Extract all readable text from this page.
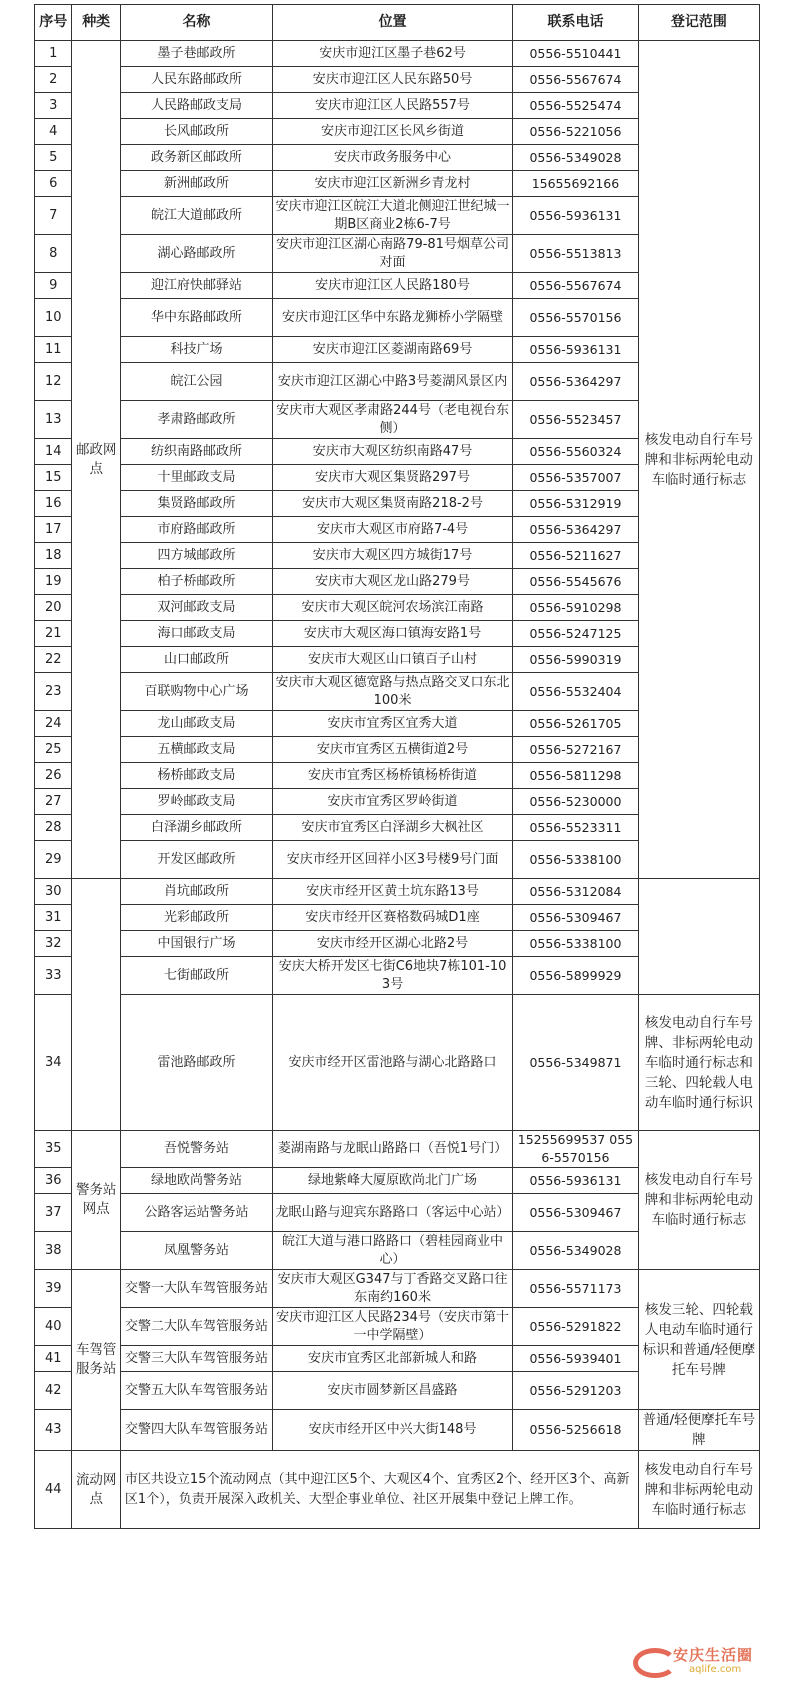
序号	种类	名称	位置	联系电话	登记范围
1	邮政网点	墨子巷邮政所	安庆市迎江区墨子巷62号	0556-5510441	核发电动自行车号牌和非标两轮电动车临时通行标志
2		人民东路邮政所	安庆市迎江区人民东路50号	0556-5567674	
3		人民路邮政支局	安庆市迎江区人民路557号	0556-5525474	
4		长风邮政所	安庆市迎江区长风乡街道	0556-5221056	
5		政务新区邮政所	安庆市政务服务中心	0556-5349028	
6		新洲邮政所	安庆市迎江区新洲乡青龙村	15655692166	
7		皖江大道邮政所	安庆市迎江区皖江大道北侧迎江世纪城一期B区商业2栋6-7号	0556-5936131	
8		湖心路邮政所	安庆市迎江区湖心南路79-81号烟草公司对面	0556-5513813	
9		迎江府快邮驿站	安庆市迎江区人民路180号	0556-5567674	
10		华中东路邮政所	安庆市迎江区华中东路龙狮桥小学隔壁	0556-5570156	
11		科技广场	安庆市迎江区菱湖南路69号	0556-5936131	
12		皖江公园	安庆市迎江区湖心中路3号菱湖风景区内	0556-5364297	
13		孝肃路邮政所	安庆市大观区孝肃路244号（老电视台东侧）	0556-5523457	
14		纺织南路邮政所	安庆市大观区纺织南路47号	0556-5560324	
15		十里邮政支局	安庆市大观区集贤路297号	0556-5357007	
16		集贤路邮政所	安庆市大观区集贤南路218-2号	0556-5312919	
17		市府路邮政所	安庆市大观区市府路7-4号	0556-5364297	
18		四方城邮政所	安庆市大观区四方城街17号	0556-5211627	
19		柏子桥邮政所	安庆市大观区龙山路279号	0556-5545676	
20		双河邮政支局	安庆市大观区皖河农场滨江南路	0556-5910298	
21		海口邮政支局	安庆市大观区海口镇海安路1号	0556-5247125	
22		山口邮政所	安庆市大观区山口镇百子山村	0556-5990319	
23		百联购物中心广场	安庆市大观区德宽路与热点路交叉口东北100米	0556-5532404	
24		龙山邮政支局	安庆市宜秀区宜秀大道	0556-5261705	
25		五横邮政支局	安庆市宜秀区五横街道2号	0556-5272167	
26		杨桥邮政支局	安庆市宜秀区杨桥镇杨桥街道	0556-5811298	
27		罗岭邮政支局	安庆市宜秀区罗岭街道	0556-5230000	
28		白泽湖乡邮政所	安庆市宜秀区白泽湖乡大枫社区	0556-5523311	
29		开发区邮政所	安庆市经开区回祥小区3号楼9号门面	0556-5338100	
30		肖坑邮政所	安庆市经开区黄土坑东路13号	0556-5312084	
31		光彩邮政所	安庆市经开区赛格数码城D1座	0556-5309467	
32		中国银行广场	安庆市经开区湖心北路2号	0556-5338100	
33		七街邮政所	安庆大桥开发区七街C6地块7栋101-103号	0556-5899929	
34		雷池路邮政所	安庆市经开区雷池路与湖心北路路口	0556-5349871	核发电动自行车号牌、非标两轮电动车临时通行标志和三轮、四轮载人电动车临时通行标识
35	警务站网点	吾悦警务站	菱湖南路与龙眠山路路口（吾悦1号门）	15255699537 0556-5570156	核发电动自行车号牌和非标两轮电动车临时通行标志
36		绿地欧尚警务站	绿地紫峰大厦原欧尚北门广场	0556-5936131	
37		公路客运站警务站	龙眠山路与迎宾东路路口（客运中心站）	0556-5309467	
38		凤凰警务站	皖江大道与港口路路口（碧桂园商业中心）	0556-5349028	
39	车驾管服务站	交警一大队车驾管服务站	安庆市大观区G347与丁香路交叉路口往东南约160米	0556-5571173	核发三轮、四轮载人电动车临时通行标识和普通/轻便摩托车号牌
40		交警二大队车驾管服务站	安庆市迎江区人民路234号（安庆市第十一中学隔壁）	0556-5291822	
41		交警三大队车驾管服务站	安庆市宜秀区北部新城人和路	0556-5939401	
42		交警五大队车驾管服务站	安庆市圆梦新区昌盛路	0556-5291203	
43		交警四大队车驾管服务站	安庆市经开区中兴大街148号	0556-5256618	普通/轻便摩托车号牌
44	流动网点	市区共设立15个流动网点（其中迎江区5个、大观区4个、宜秀区2个、经开区3个、高新区1个），负责开展深入政机关、大型企事业单位、社区开展集中登记上牌工作。			核发电动自行车号牌和非标两轮电动车临时通行标志
安庆生活圈
aqlife.com
